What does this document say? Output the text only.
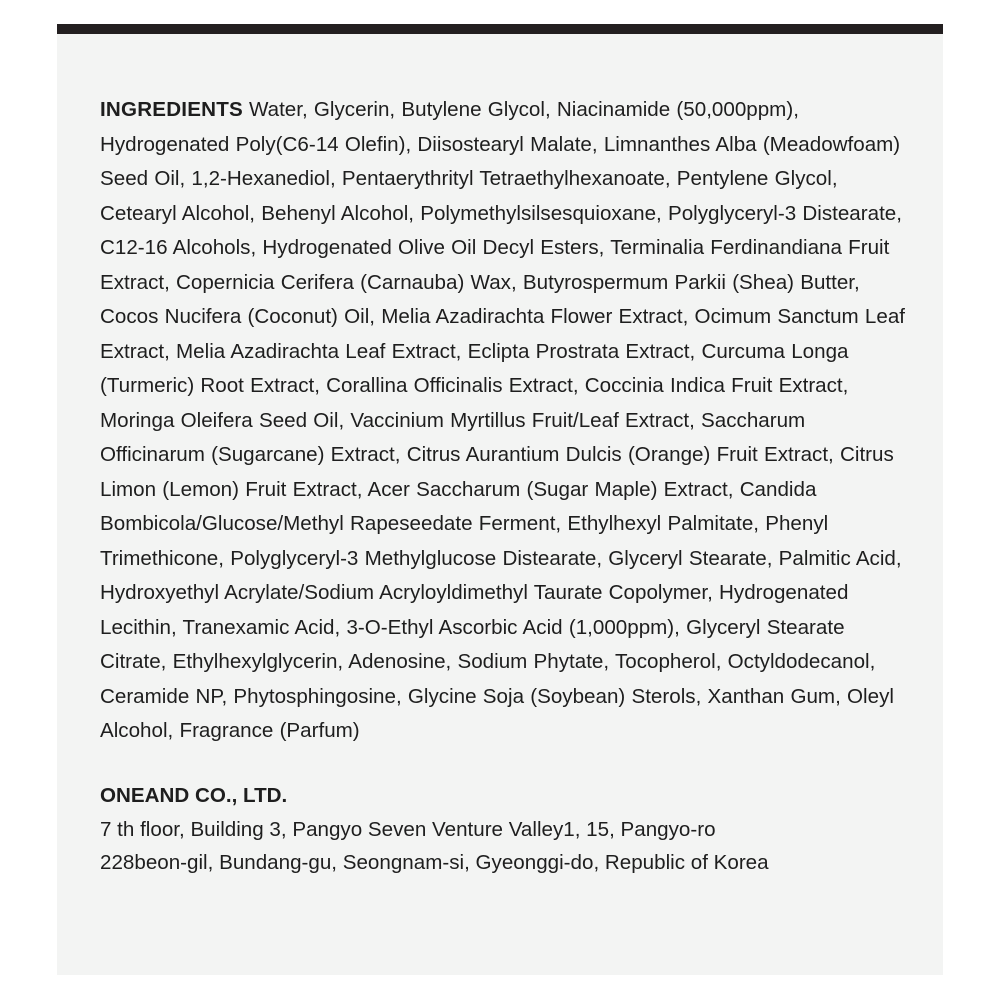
INGREDIENTS Water, Glycerin, Butylene Glycol, Niacinamide (50,000ppm), Hydrogenated Poly(C6-14 Olefin), Diisostearyl Malate, Limnanthes Alba (Meadowfoam) Seed Oil, 1,2-Hexanediol, Pentaerythrityl Tetraethylhexanoate, Pentylene Glycol, Cetearyl Alcohol, Behenyl Alcohol, Polymethylsilsesquioxane, Polyglyceryl-3 Distearate, C12-16 Alcohols, Hydrogenated Olive Oil Decyl Esters, Terminalia Ferdinandiana Fruit Extract, Copernicia Cerifera (Carnauba) Wax, Butyrospermum Parkii (Shea) Butter, Cocos Nucifera (Coconut) Oil, Melia Azadirachta Flower Extract, Ocimum Sanctum Leaf Extract, Melia Azadirachta Leaf Extract, Eclipta Prostrata Extract, Curcuma Longa (Turmeric) Root Extract, Corallina Officinalis Extract, Coccinia Indica Fruit Extract, Moringa Oleifera Seed Oil, Vaccinium Myrtillus Fruit/Leaf Extract, Saccharum Officinarum (Sugarcane) Extract, Citrus Aurantium Dulcis (Orange) Fruit Extract, Citrus Limon (Lemon) Fruit Extract, Acer Saccharum (Sugar Maple) Extract, Candida Bombicola/Glucose/Methyl Rapeseedate Ferment, Ethylhexyl Palmitate, Phenyl Trimethicone, Polyglyceryl-3 Methylglucose Distearate, Glyceryl Stearate, Palmitic Acid, Hydroxyethyl Acrylate/Sodium Acryloyldimethyl Taurate Copolymer, Hydrogenated Lecithin, Tranexamic Acid, 3-O-Ethyl Ascorbic Acid (1,000ppm), Glyceryl Stearate Citrate, Ethylhexylglycerin, Adenosine, Sodium Phytate, Tocopherol, Octyldodecanol, Ceramide NP, Phytosphingosine, Glycine Soja (Soybean) Sterols, Xanthan Gum, Oleyl Alcohol, Fragrance (Parfum)

ONEAND CO., LTD.
7 th floor, Building 3, Pangyo Seven Venture Valley1, 15, Pangyo-ro
228beon-gil, Bundang-gu, Seongnam-si, Gyeonggi-do, Republic of Korea
